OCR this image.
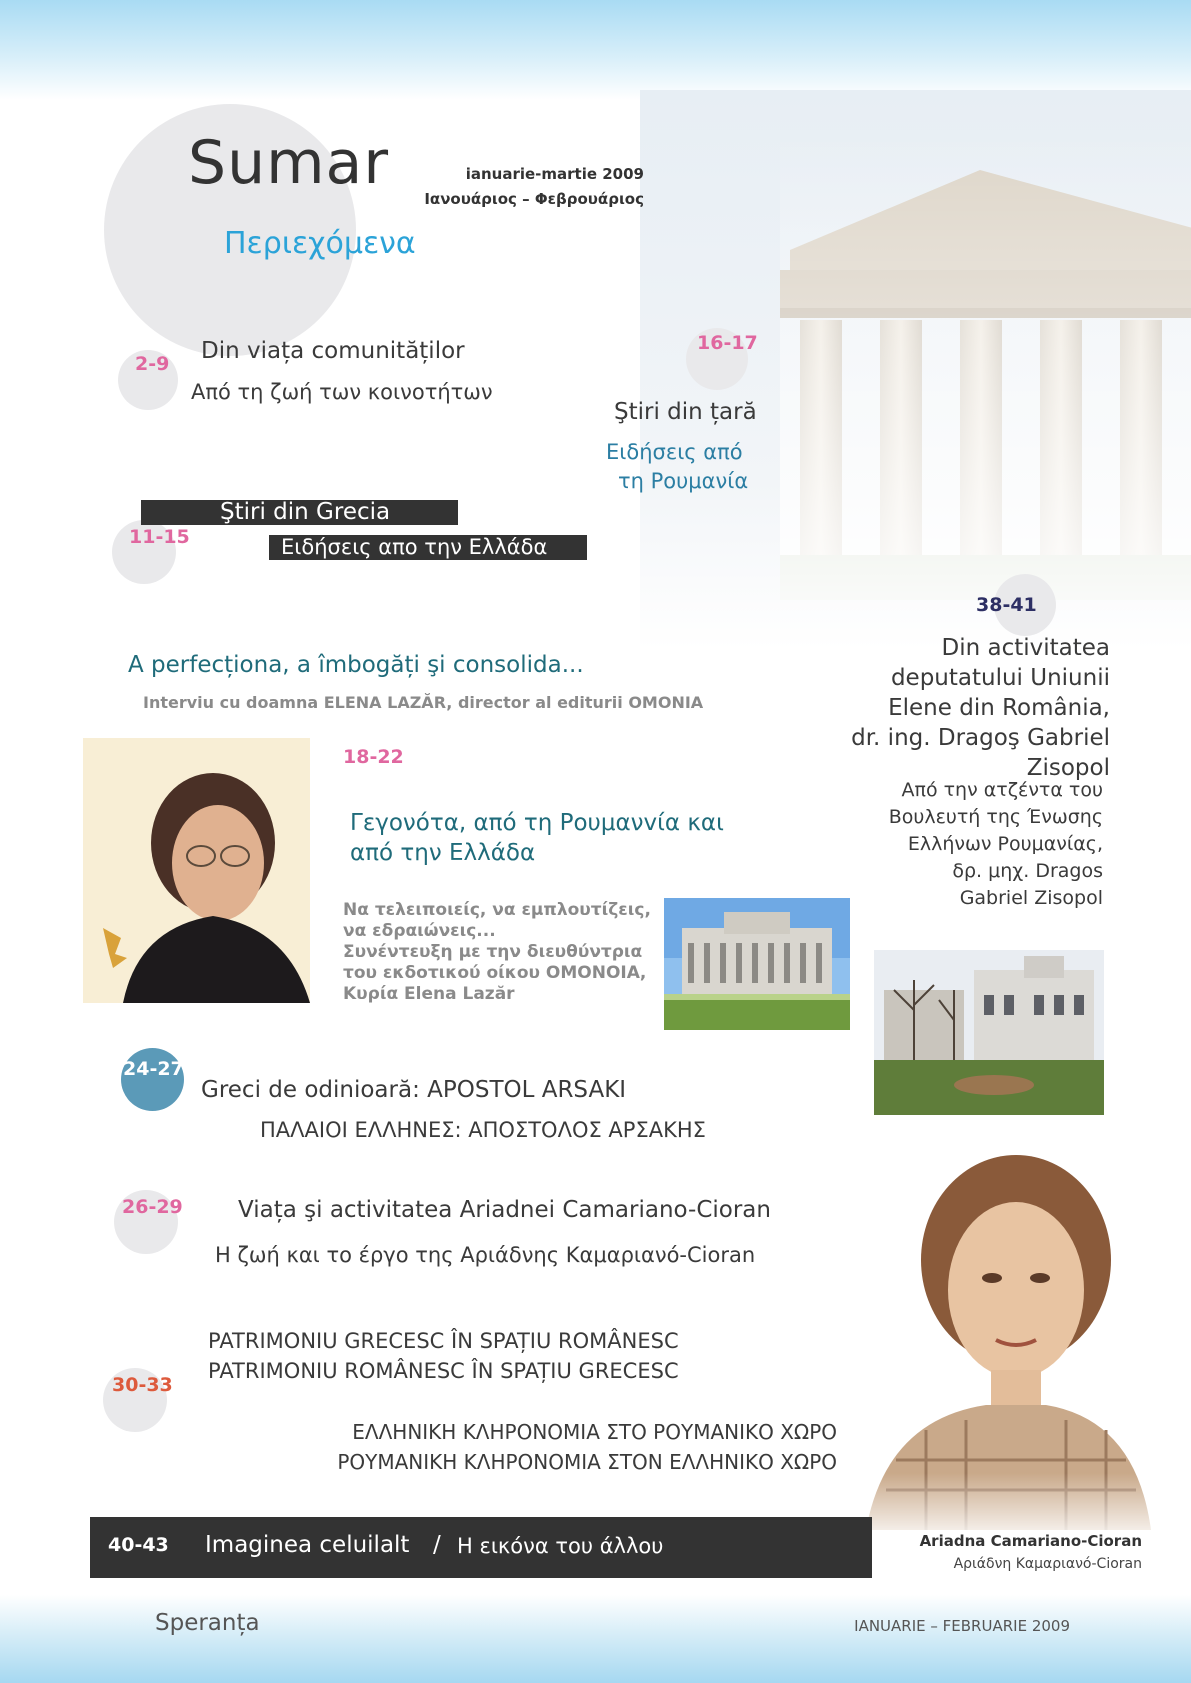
Sumar
Περιεχόμενα
ianuarie-martie 2009
Ιανουάριος – Φεβρουάριος
2-9 Din viața comunităților
Από τη ζωή των κοινοτήτων
16-17
Ştiri din țară
Ειδήσεις από
τη Ρουμανία
11-15
Ştiri din Grecia
Ειδήσεις απο την Ελλάδα
A perfecționa, a îmbogăți şi consolida...
Interviu cu doamna ELENA LAZĂR, director al editurii OMONIA
18-22
Γεγονότα, από τη Ρουμανvία και
από την Ελλάδα
Να τελειποιείς, να εμπλουτίζεις,
να εδραιώνεις...
Συνέντευξη με την διευθύντρια
του εκδοτικού οίκου ΟΜΟΝΟΙΑ,
Κυρία Elena Lazăr
38-41
Din activitatea
deputatului Uniunii
Elene din România,
dr. ing. Dragoş Gabriel
Zisopol
Από την ατζέντα του
Βουλευτή της Ένωσης
Ελλήνων Ρουμανίας,
δρ. μηχ. Dragos
Gabriel Zisopol
24-27
Greci de odinioară: APOSTOL ARSAKI
ΠΑΛΑΙΟΙ ΕΛΛΗΝΕΣ: ΑΠΟΣΤΟΛΟΣ ΑΡΣΑΚΗΣ
26-29 Viața şi activitatea Ariadnei Camariano-Cioran
Η ζωή και το έργο της Αριάδνης Καμαριανό-Cioran
30-33
PATRIMONIU GRECESC ÎN SPAȚIU ROMÂNESC
PATRIMONIU ROMÂNESC ÎN SPAȚIU GRECESC
ΕΛΛΗΝΙΚΗ ΚΛΗΡΟΝΟΜΙΑ ΣΤΟ ΡΟΥΜΑΝΙΚΟ ΧΩΡΟ
ΡΟΥΜΑΝΙΚΗ ΚΛΗΡΟΝΟΜΙΑ ΣΤΟΝ ΕΛΛΗΝΙΚΟ ΧΩΡΟ
Ariadna Camariano-Cioran
Αριάδνη Καμαριανό-Cioran
40-43 Imaginea celuilalt / Η εικόνα του άλλου
Speranța	IANUARIE – FEBRUARIE 2009
